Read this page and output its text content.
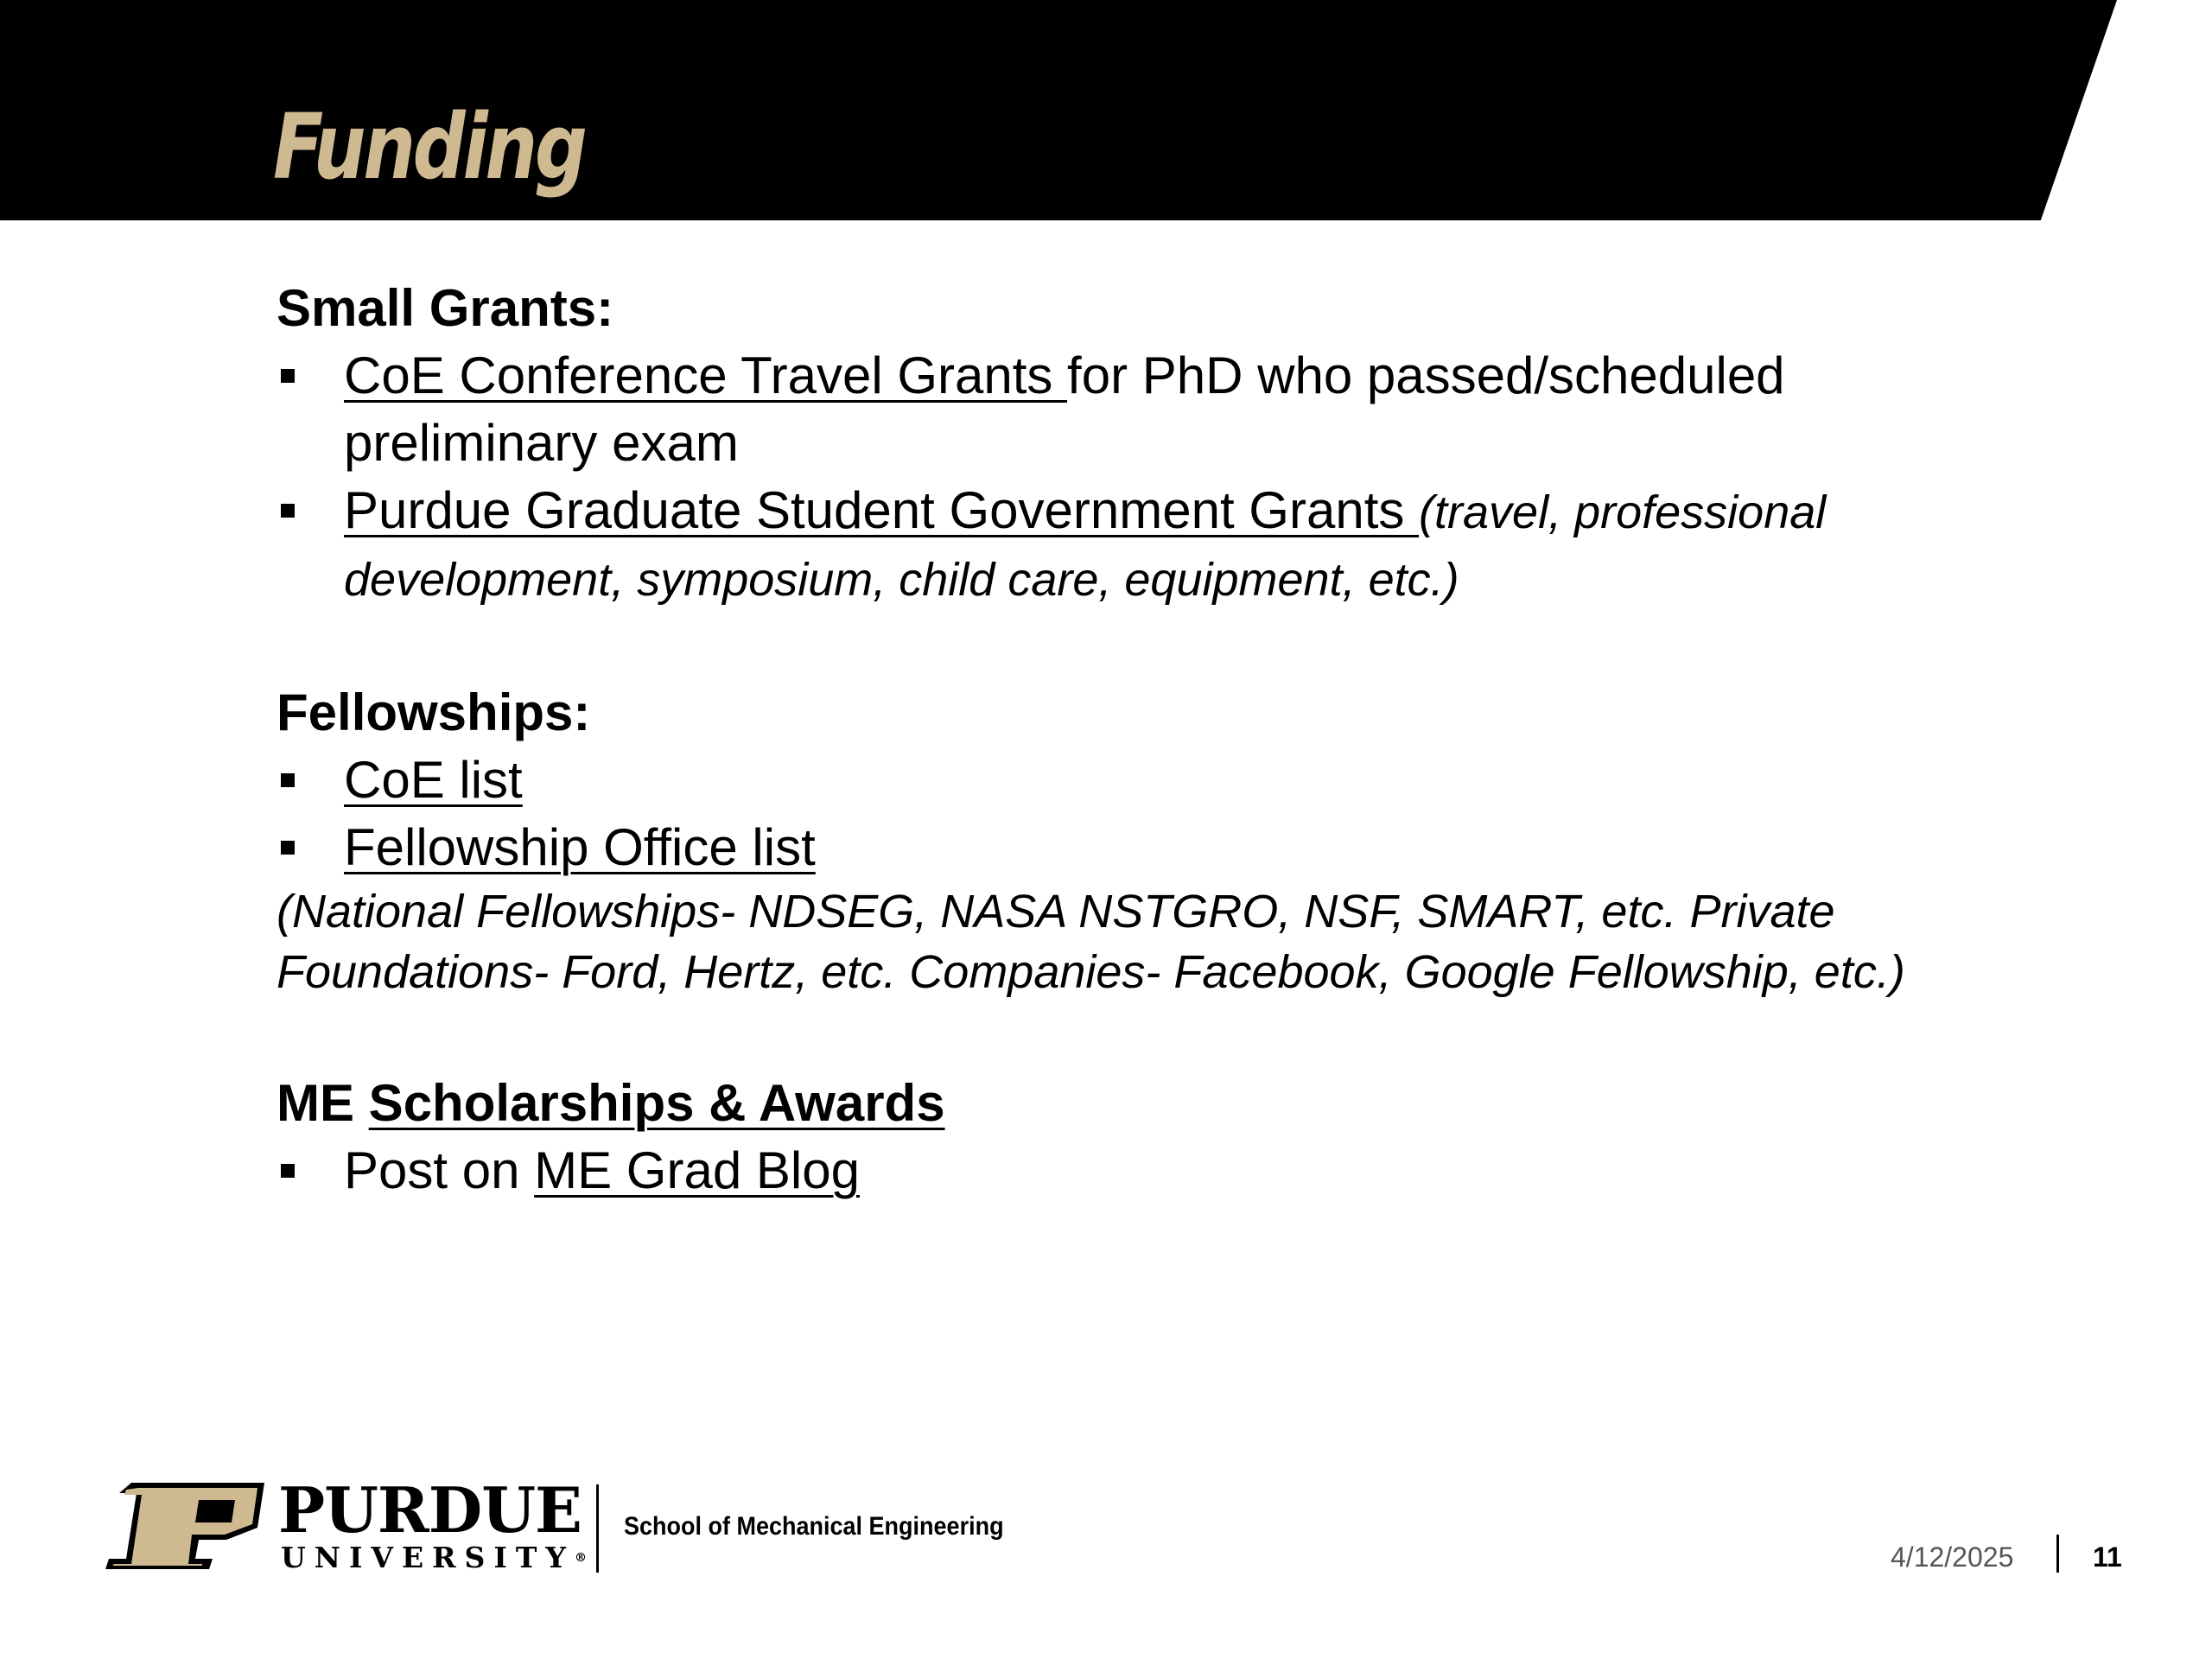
Funding

Small Grants:

CoE Conference Travel Grants for PhD who passed/scheduled preliminary exam
Purdue Graduate Student Government Grants (travel, professional development, symposium, child care, equipment, etc.)

Fellowships:

CoE list
Fellowship Office list

(National Fellowships- NDSEG, NASA NSTGRO, NSF, SMART, etc. Private Foundations- Ford, Hertz, etc. Companies- Facebook, Google Fellowship, etc.)

ME Scholarships & Awards

Post on ME Grad Blog
PURDUE
UNIVERSITY®
School of Mechanical Engineering
4/12/2025	11
